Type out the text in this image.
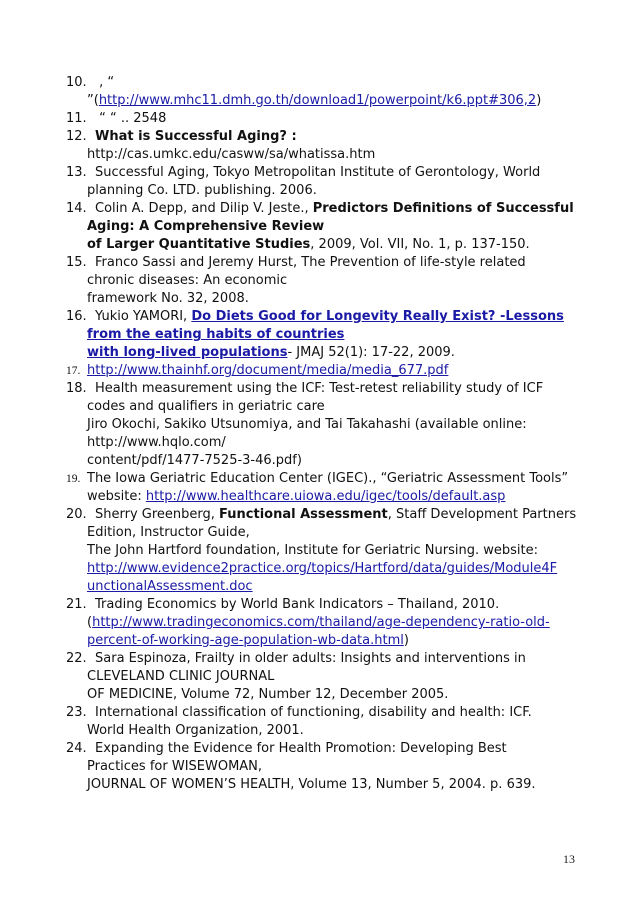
10. , “
”(http://www.mhc11.dmh.go.th/download1/powerpoint/k6.ppt#306,2)
11. “ “ .. 2548
12. What is Successful Aging? :
http://cas.umkc.edu/casww/sa/whatissa.htm
13. Successful Aging, Tokyo Metropolitan Institute of Gerontology, World
planning Co. LTD. publishing. 2006.
14. Colin A. Depp, and Dilip V. Jeste., Predictors Definitions of Successful
Aging: A Comprehensive Review
of Larger Quantitative Studies, 2009, Vol. VII, No. 1, p. 137-150.
15. Franco Sassi and Jeremy Hurst, The Prevention of life-style related
chronic diseases: An economic
framework No. 32, 2008.
16. Yukio YAMORI, Do Diets Good for Longevity Really Exist? -Lessons
from the eating habits of countries
with long-lived populations- JMAJ 52(1): 17-22, 2009.
17. http://www.thainhf.org/document/media/media_677.pdf
18. Health measurement using the ICF: Test-retest reliability study of ICF
codes and qualifiers in geriatric care
Jiro Okochi, Sakiko Utsunomiya, and Tai Takahashi (available online:
http://www.hqlo.com/
content/pdf/1477-7525-3-46.pdf)
19. The Iowa Geriatric Education Center (IGEC)., “Geriatric Assessment Tools”
website: http://www.healthcare.uiowa.edu/igec/tools/default.asp
20. Sherry Greenberg, Functional Assessment, Staff Development Partners
Edition, Instructor Guide,
The John Hartford foundation, Institute for Geriatric Nursing. website:
http://www.evidence2practice.org/topics/Hartford/data/guides/Module4F
unctionalAssessment.doc
21. Trading Economics by World Bank Indicators – Thailand, 2010.
(http://www.tradingeconomics.com/thailand/age-dependency-ratio-old-
percent-of-working-age-population-wb-data.html)
22. Sara Espinoza, Frailty in older adults: Insights and interventions in
CLEVELAND CLINIC JOURNAL
OF MEDICINE, Volume 72, Number 12, December 2005.
23. International classification of functioning, disability and health: ICF.
World Health Organization, 2001.
24. Expanding the Evidence for Health Promotion: Developing Best
Practices for WISEWOMAN,
JOURNAL OF WOMEN’S HEALTH, Volume 13, Number 5, 2004. p. 639.
13
